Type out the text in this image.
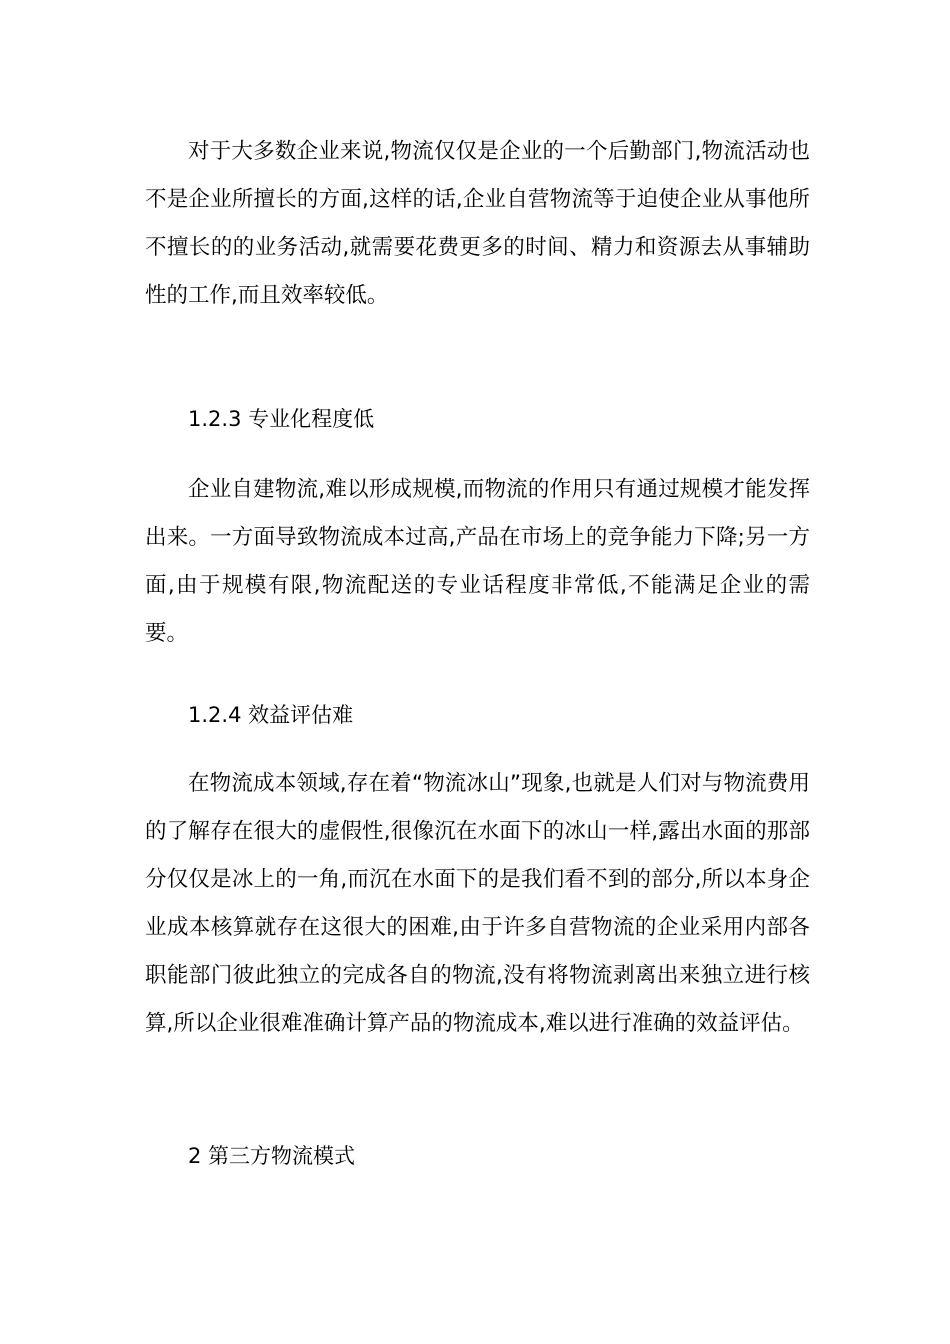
对于大多数企业来说,物流仅仅是企业的一个后勤部门,物流活动也不是企业所擅长的方面,这样的话,企业自营物流等于迫使企业从事他所不擅长的的业务活动,就需要花费更多的时间、精力和资源去从事辅助性的工作,而且效率较低。

1.2.3 专业化程度低

企业自建物流,难以形成规模,而物流的作用只有通过规模才能发挥出来。一方面导致物流成本过高,产品在市场上的竞争能力下降;另一方面,由于规模有限,物流配送的专业话程度非常低,不能满足企业的需要。

1.2.4 效益评估难

在物流成本领域,存在着“物流冰山”现象,也就是人们对与物流费用的了解存在很大的虚假性,很像沉在水面下的冰山一样,露出水面的那部分仅仅是冰上的一角,而沉在水面下的是我们看不到的部分,所以本身企业成本核算就存在这很大的困难,由于许多自营物流的企业采用内部各职能部门彼此独立的完成各自的物流,没有将物流剥离出来独立进行核算,所以企业很难准确计算产品的物流成本,难以进行准确的效益评估。

2 第三方物流模式
